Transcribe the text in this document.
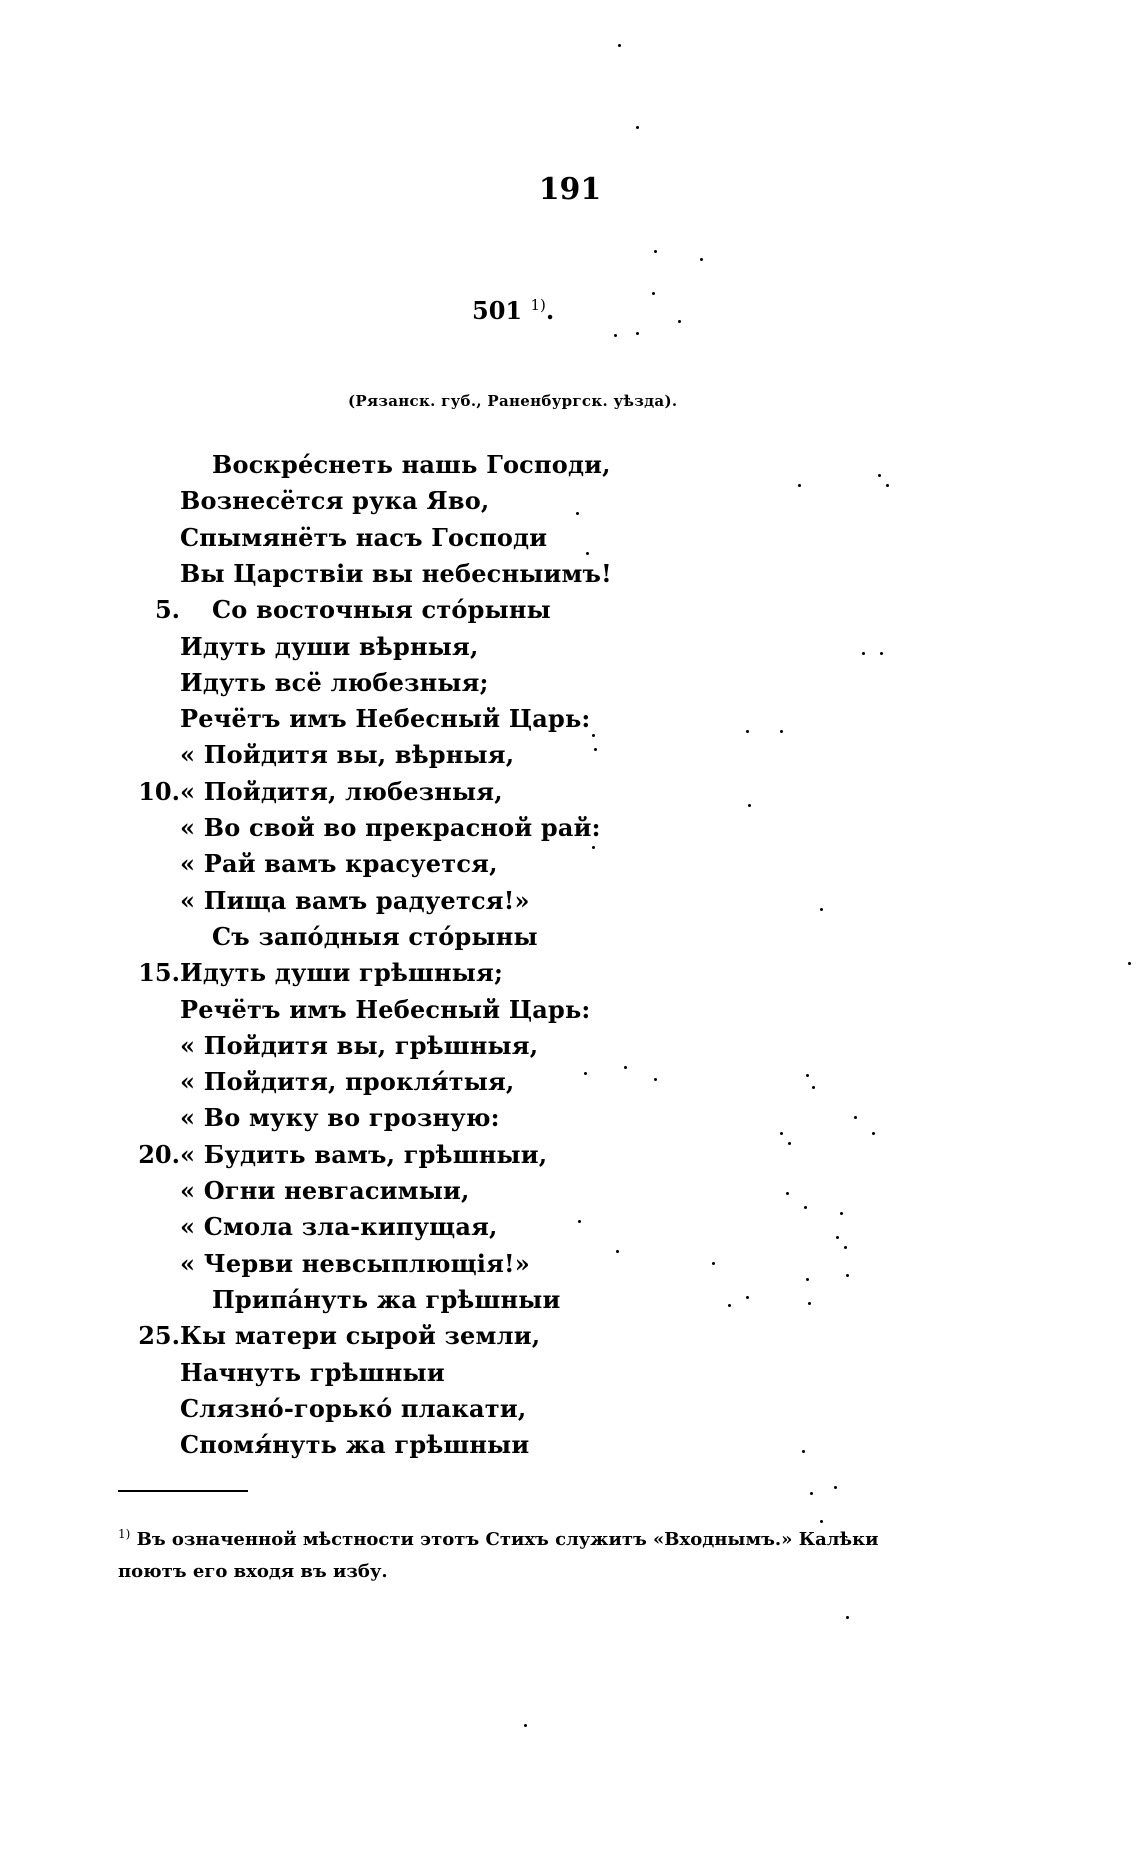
191
501 $^{1)}$.
(Рязанск. губ., Раненбургск. уѣзда).
Воскре́снеть нашь Господи,
Вознесётся рука Яво,
Спымянётъ насъ Господи
Вы Царствiи вы небесныимъ!
5. Со восточныя сто́рыны
Идуть души вѣрныя,
Идуть всё любезныя;
Речётъ имъ Небесный Царь:
« Пойдитя вы, вѣрныя,
10. « Пойдитя, любезныя,
« Во свой во прекрасной рай:
« Рай вамъ красуется,
« Пища вамъ радуется!»
Съ запо́дныя сто́рыны
15. Идуть души грѣшныя;
Речётъ имъ Небесный Царь:
« Пойдитя вы, грѣшныя,
« Пойдитя, прокля́тыя,
« Во муку во грозную:
20. « Будить вамъ, грѣшныи,
« Огни невгасимыи,
« Смола зла-кипущая,
« Черви невсыплющiя!»
Припа́нуть жа грѣшныи
25. Кы матери сырой земли,
Начнуть грѣшныи
Слязно́-горько́ плакати,
Спомя́нуть жа грѣшныи
$^{1)}$ Въ означенной мѣстности этотъ Стихъ служитъ «Входнымъ.» Калѣки поютъ его входя въ избу.
